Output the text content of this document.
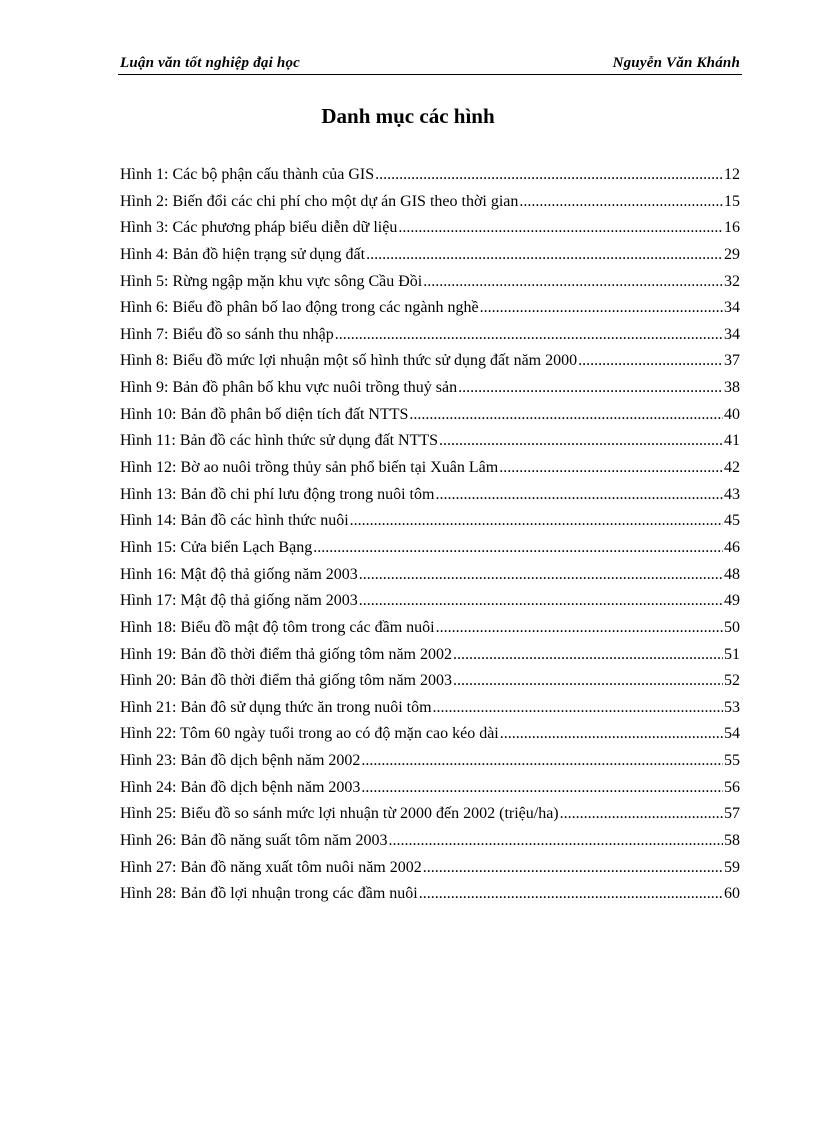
Luận văn tốt nghiệp đại học	Nguyễn Văn Khánh
Danh mục các hình
Hình 1: Các bộ phận cấu thành của GIS .....	12
Hình 2: Biến đổi các chi phí cho một dự án GIS theo thời gian .....	15
Hình 3: Các phương pháp biểu diễn dữ liệu .....	16
Hình 4: Bản đồ hiện trạng sử dụng đất .....	29
Hình 5: Rừng ngập mặn khu vực sông Cầu Đồi .....	32
Hình 6: Biểu đồ phân bố lao động trong các ngành nghề .....	34
Hình 7: Biểu đồ so sánh thu nhập .....	34
Hình 8: Biểu đồ mức lợi nhuận một số hình thức sử dụng đất năm 2000 .....	37
Hình 9: Bản đồ phân bố khu vực nuôi trồng thuỷ sản .....	38
Hình 10: Bản đồ phân bố diện tích đất NTTS .....	40
Hình 11: Bản đồ các hình thức sử dụng đất NTTS .....	41
Hình 12: Bờ ao nuôi trồng thủy sản phổ biến tại Xuân Lâm .....	42
Hình 13: Bản đồ chi phí lưu động trong nuôi tôm .....	43
Hình 14: Bản đồ các hình thức nuôi .....	45
Hình 15: Cửa biển Lạch Bạng .....	46
Hình 16: Mật độ thả giống năm 2003 .....	48
Hình 17: Mật độ thả giống năm 2003 .....	49
Hình 18: Biểu đồ mật độ tôm trong các đầm nuôi .....	50
Hình 19: Bản đồ thời điểm thả giống tôm năm 2002 .....	51
Hình 20: Bản đồ thời điểm thả giống tôm năm 2003 .....	52
Hình 21: Bản đô sử dụng thức ăn trong nuôi tôm .....	53
Hình 22: Tôm 60 ngày tuổi trong ao có độ mặn cao kéo dài .....	54
Hình 23: Bản đồ dịch bệnh năm 2002 .....	55
Hình 24: Bản đồ dịch bệnh năm 2003 .....	56
Hình 25: Biểu đồ so sánh mức lợi nhuận từ 2000 đến 2002 (triệu/ha) .....	57
Hình 26: Bản đồ năng suất tôm năm 2003 .....	58
Hình 27: Bản đồ năng xuất tôm nuôi năm 2002 .....	59
Hình 28: Bản đồ lợi nhuận trong các đầm nuôi .....	60
